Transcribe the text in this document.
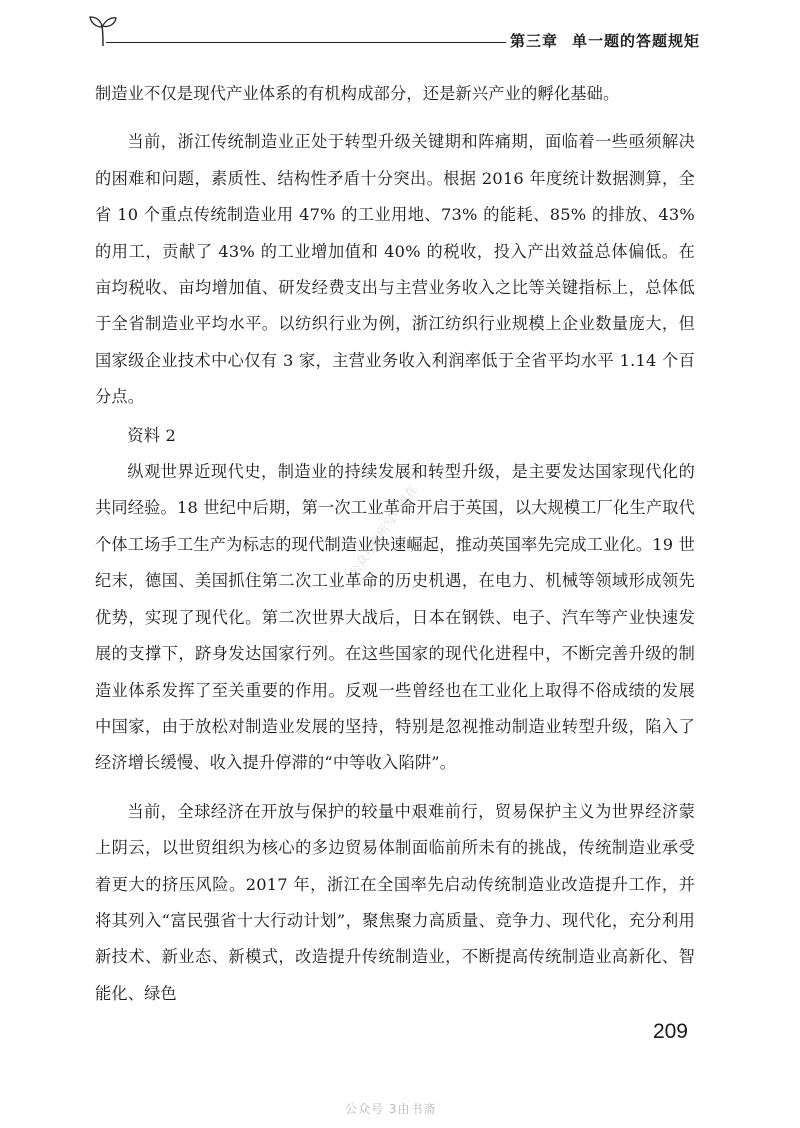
第三章 单一题的答题规矩

制造业不仅是现代产业体系的有机构成部分，还是新兴产业的孵化基础。

当前，浙江传统制造业正处于转型升级关键期和阵痛期，面临着一些亟须解决的困难和问题，素质性、结构性矛盾十分突出。根据 2016 年度统计数据测算，全省 10 个重点传统制造业用 47% 的工业用地、73% 的能耗、85% 的排放、43% 的用工，贡献了 43% 的工业增加值和 40% 的税收，投入产出效益总体偏低。在亩均税收、亩均增加值、研发经费支出与主营业务收入之比等关键指标上，总体低于全省制造业平均水平。以纺织行业为例，浙江纺织行业规模上企业数量庞大，但国家级企业技术中心仅有 3 家，主营业务收入利润率低于全省平均水平 1.14 个百分点。

资料 2

纵观世界近现代史，制造业的持续发展和转型升级，是主要发达国家现代化的共同经验。18 世纪中后期，第一次工业革命开启于英国，以大规模工厂化生产取代个体工场手工生产为标志的现代制造业快速崛起，推动英国率先完成工业化。19 世纪末，德国、美国抓住第二次工业革命的历史机遇，在电力、机械等领域形成领先优势，实现了现代化。第二次世界大战后，日本在钢铁、电子、汽车等产业快速发展的支撑下，跻身发达国家行列。在这些国家的现代化进程中，不断完善升级的制造业体系发挥了至关重要的作用。反观一些曾经也在工业化上取得不俗成绩的发展中国家，由于放松对制造业发展的坚持，特别是忽视推动制造业转型升级，陷入了经济增长缓慢、收入提升停滞的“中等收入陷阱”。

当前，全球经济在开放与保护的较量中艰难前行，贸易保护主义为世界经济蒙上阴云，以世贸组织为核心的多边贸易体制面临前所未有的挑战，传统制造业承受着更大的挤压风险。2017 年，浙江在全国率先启动传统制造业改造提升工作，并将其列入“富民强省十大行动计划”，聚焦聚力高质量、竞争力、现代化，充分利用新技术、新业态、新模式，改造提升传统制造业，不断提高传统制造业高新化、智能化、绿色

公众号你所写可以在
209
公众号 3由书斋
